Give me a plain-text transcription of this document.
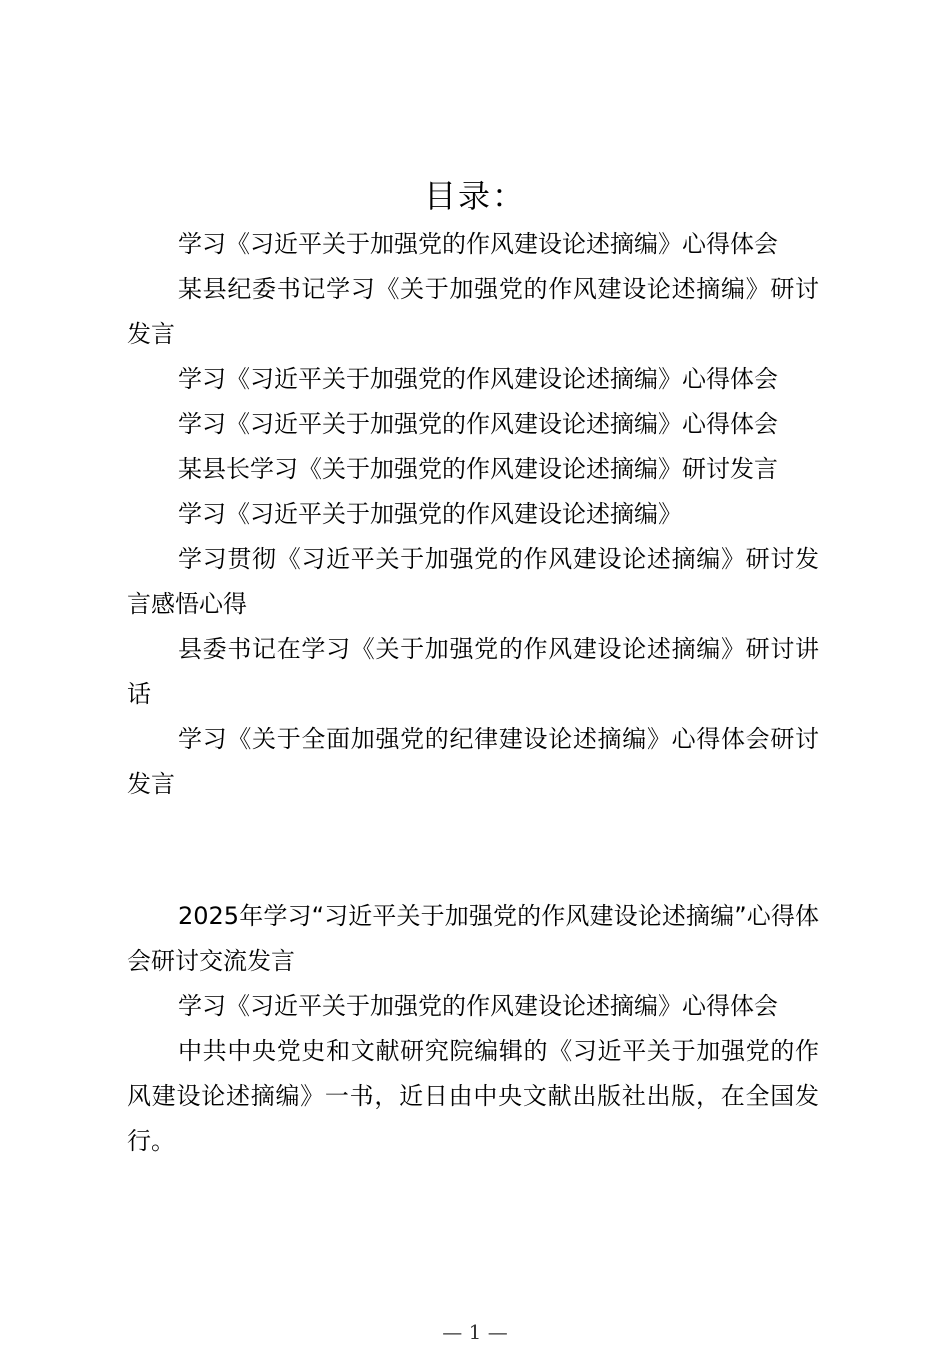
目录：

学习《习近平关于加强党的作风建设论述摘编》心得体会

某县纪委书记学习《关于加强党的作风建设论述摘编》研讨发言

学习《习近平关于加强党的作风建设论述摘编》心得体会

学习《习近平关于加强党的作风建设论述摘编》心得体会

某县长学习《关于加强党的作风建设论述摘编》研讨发言

学习《习近平关于加强党的作风建设论述摘编》

学习贯彻《习近平关于加强党的作风建设论述摘编》研讨发言感悟心得

县委书记在学习《关于加强党的作风建设论述摘编》研讨讲话

学习《关于全面加强党的纪律建设论述摘编》心得体会研讨发言

2025年学习“习近平关于加强党的作风建设论述摘编”心得体会研讨交流发言

学习《习近平关于加强党的作风建设论述摘编》心得体会

中共中央党史和文献研究院编辑的《习近平关于加强党的作风建设论述摘编》一书，近日由中央文献出版社出版，在全国发行。

— 1 —
